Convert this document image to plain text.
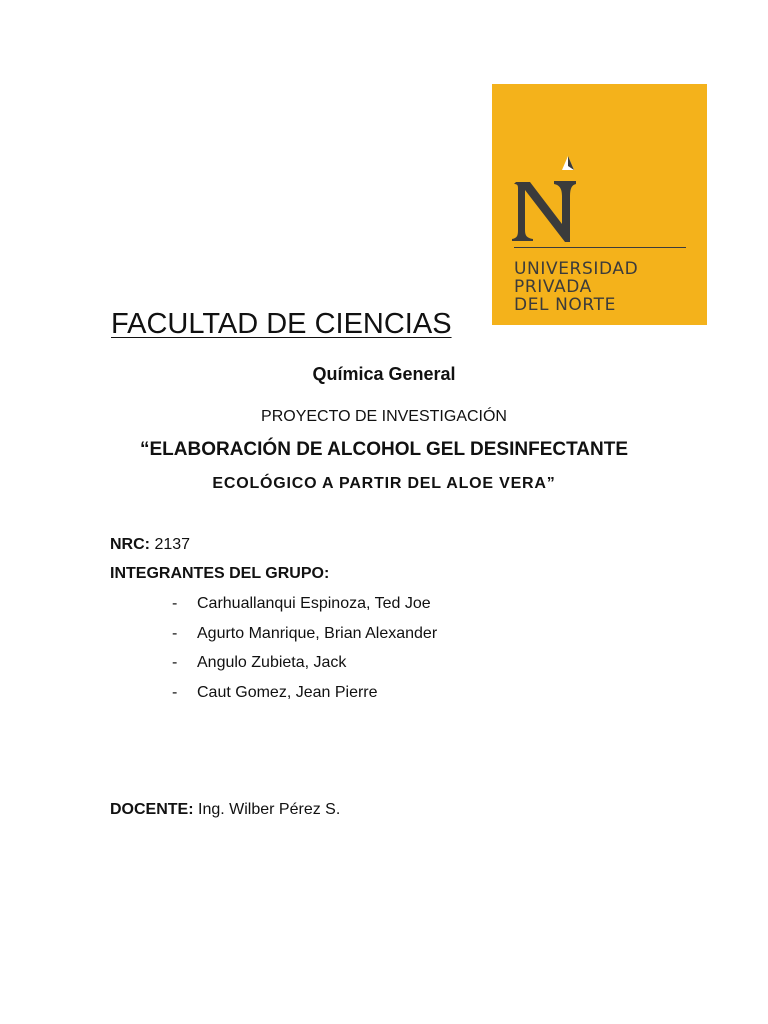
UNIVERSIDAD
PRIVADA
DEL NORTE
FACULTAD DE CIENCIAS
Química General
PROYECTO DE INVESTIGACIÓN
“ELABORACIÓN DE ALCOHOL GEL DESINFECTANTE
ECOLÓGICO A PARTIR DEL ALOE VERA”
NRC: 2137
INTEGRANTES DEL GRUPO:
- Carhuallanqui Espinoza, Ted Joe
- Agurto Manrique, Brian Alexander
- Angulo Zubieta, Jack
- Caut Gomez, Jean Pierre
DOCENTE: Ing. Wilber Pérez S.
